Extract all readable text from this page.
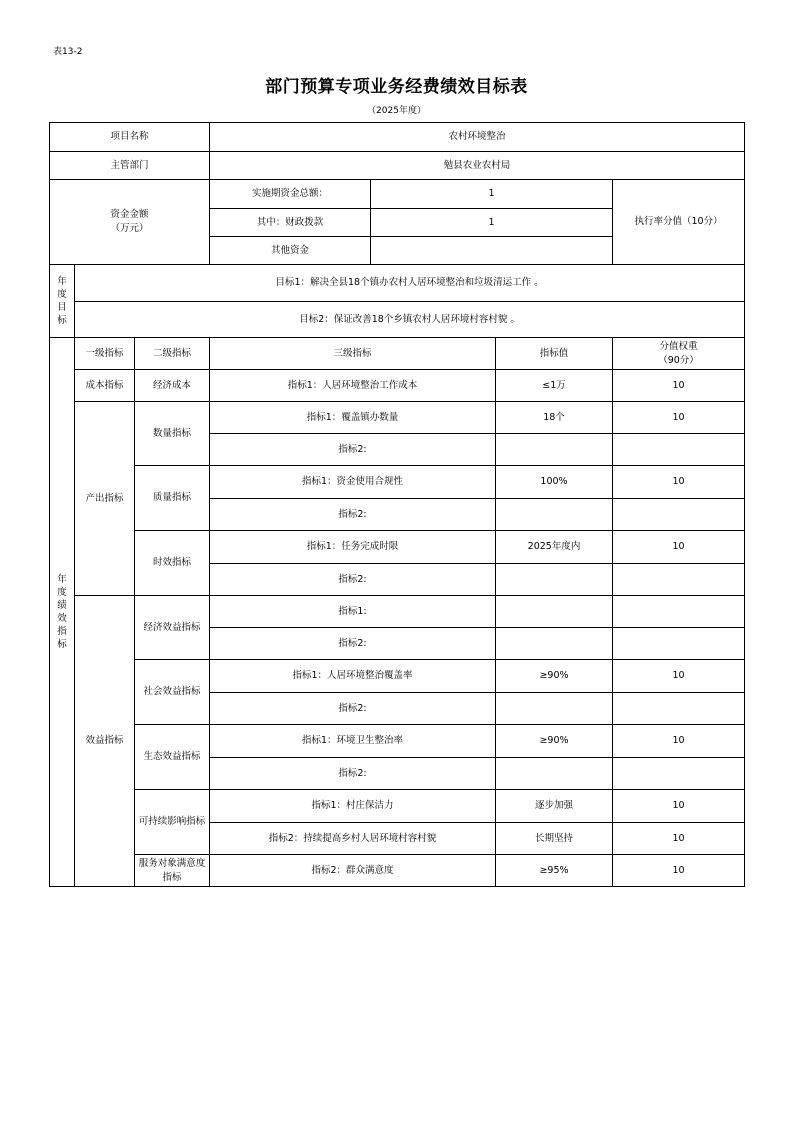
表13-2
部门预算专项业务经费绩效目标表
（2025年度）
项目名称			农村环境整治			
主管部门			勉县农业农村局			

资金金额
（万元）			实施期资金总额：	1		执行率分值（10分）
			其中：财政拨款	1		
			其他资金			

年度目标	目标1：解决全县18个镇办农村人居环境整治和垃圾清运工作 。					
	目标2：保证改善18个乡镇农村人居环境村容村貌 。					

年度绩效指标	一级指标	二级指标	三级指标		指标值	分值权重
（90分）

	成本指标	经济成本	指标1：人居环境整治工作成本		≤1万	10
	产出指标	数量指标	指标1：覆盖镇办数量		18个	10
			指标2:			
		质量指标	指标1：资金使用合规性		100%	10
			指标2:			
		时效指标	指标1：任务完成时限		2025年度内	10
			指标2:			
	效益指标	经济效益指标	指标1:			
			指标2:			

		社会效益指标	指标1：人居环境整治覆盖率		≥90%	10
			指标2:			

		生态效益指标	指标1：环境卫生整治率		≥90%	10
			指标2:			

		可持续影响指标	指标1：村庄保洁力		逐步加强	10
			指标2：持续提高乡村人居环境村容村貌		长期坚持	10

		服务对象满意度指标	指标2：群众满意度		≥95%	10
